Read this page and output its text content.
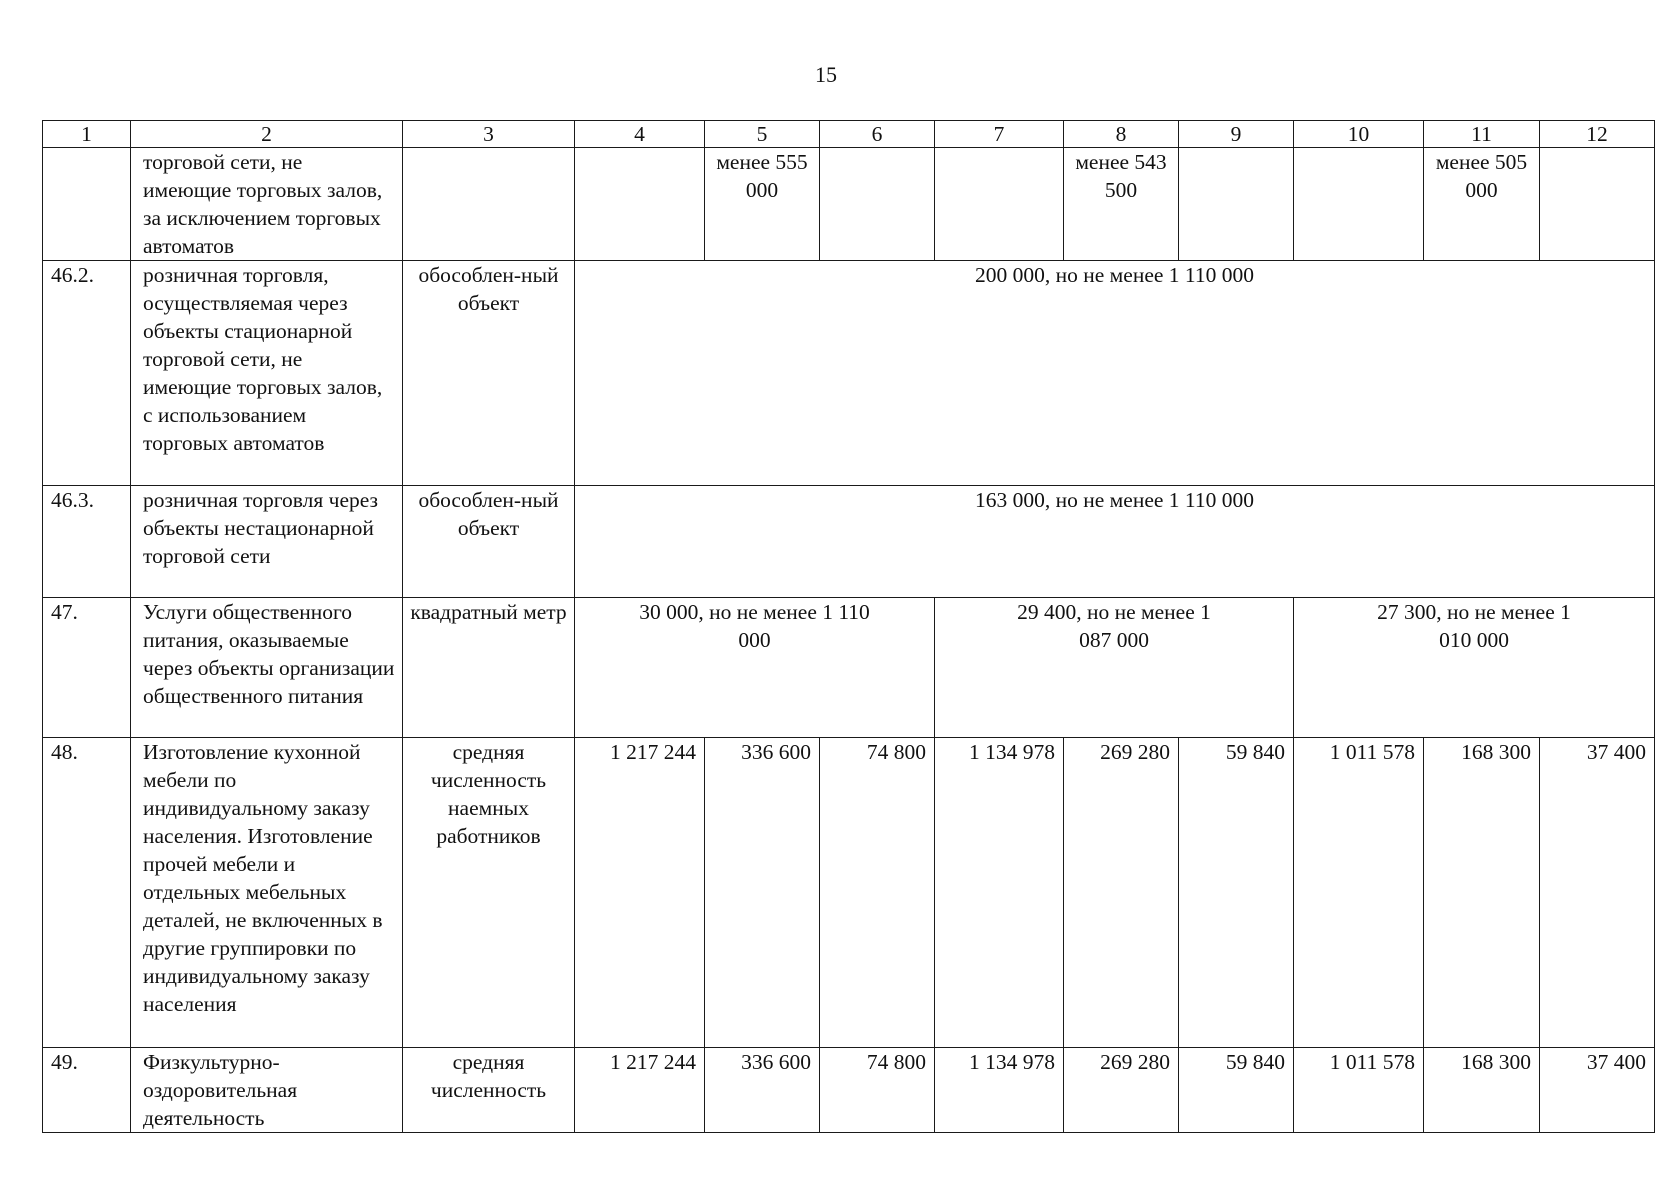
15
1	2	3	4	5	6	7	8	9	10	11	12
	торговой сети, не имеющие торговых залов, за исключением торговых автоматов			менее 555 000			менее 543 500			менее 505 000	
46.2.	розничная торговля, осуществляемая через объекты стационарной торговой сети, не имеющие торговых залов, с использованием торговых автоматов	обособлен-ный объект	200 000, но не менее 1 110 000								
46.3.	розничная торговля через объекты нестационарной торговой сети	обособлен-ный объект	163 000, но не менее 1 110 000								
47.	Услуги общественного питания, оказываемые через объекты организации общественного питания	квадратный метр	30 000, но не менее 1 110 000			29 400, но не менее 1 087 000			27 300, но не менее 1 010 000		

48.	Изготовление кухонной мебели по индивидуальному заказу населения. Изготовление прочей мебели и отдельных мебельных деталей, не включенных в другие группировки по индивидуальному заказу населения	средняя численность наемных работников	1 217 244	336 600	74 800	1 134 978	269 280	59 840	1 011 578	168 300	37 400
49.	Физкультурно-оздоровительная деятельность	средняя численность	1 217 244	336 600	74 800	1 134 978	269 280	59 840	1 011 578	168 300	37 400
